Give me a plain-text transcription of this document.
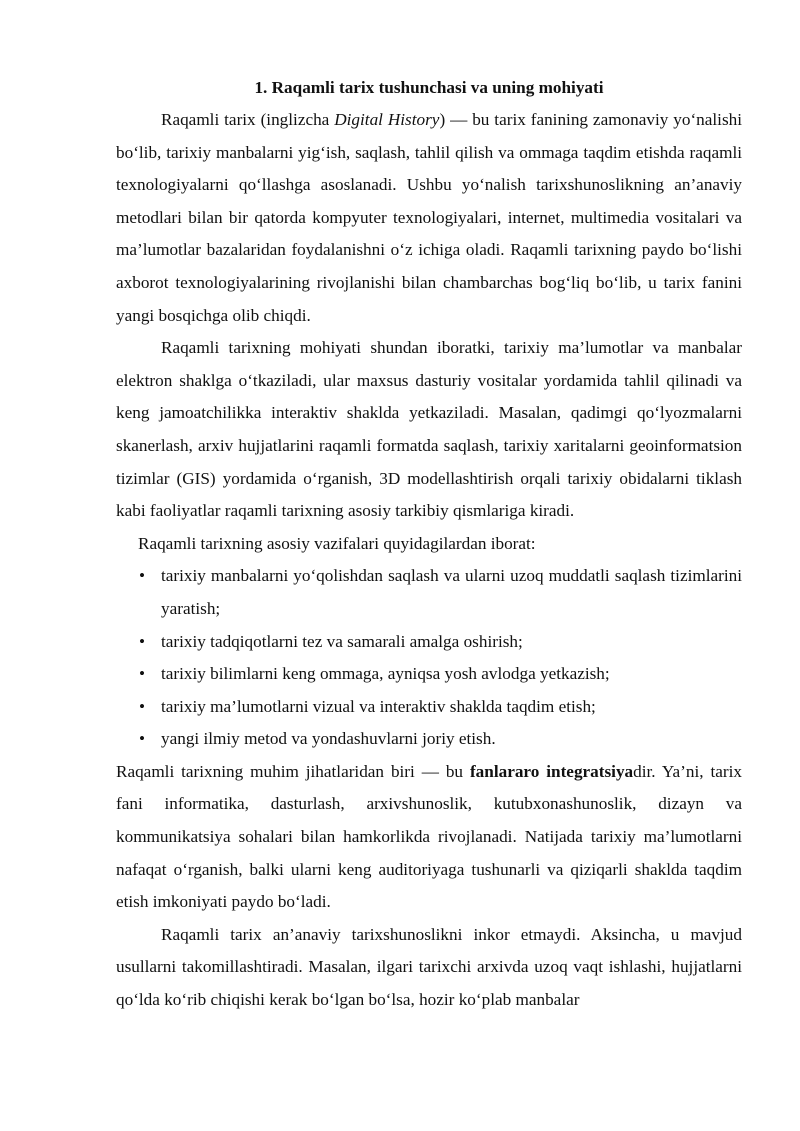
1. Raqamli tarix tushunchasi va uning mohiyati

Raqamli tarix (inglizcha Digital History) — bu tarix fanining zamonaviy yo‘nalishi bo‘lib, tarixiy manbalarni yig‘ish, saqlash, tahlil qilish va ommaga taqdim etishda raqamli texnologiyalarni qo‘llashga asoslanadi. Ushbu yo‘nalish tarixshunoslikning an’anaviy metodlari bilan bir qatorda kompyuter texnologiyalari, internet, multimedia vositalari va ma’lumotlar bazalaridan foydalanishni o‘z ichiga oladi. Raqamli tarixning paydo bo‘lishi axborot texnologiyalarining rivojlanishi bilan chambarchas bog‘liq bo‘lib, u tarix fanini yangi bosqichga olib chiqdi.

Raqamli tarixning mohiyati shundan iboratki, tarixiy ma’lumotlar va manbalar elektron shaklga o‘tkaziladi, ular maxsus dasturiy vositalar yordamida tahlil qilinadi va keng jamoatchilikka interaktiv shaklda yetkaziladi. Masalan, qadimgi qo‘lyozmalarni skanerlash, arxiv hujjatlarini raqamli formatda saqlash, tarixiy xaritalarni geoinformatsion tizimlar (GIS) yordamida o‘rganish, 3D modellashtirish orqali tarixiy obidalarni tiklash kabi faoliyatlar raqamli tarixning asosiy tarkibiy qismlariga kiradi.

Raqamli tarixning asosiy vazifalari quyidagilardan iborat:

• tarixiy manbalarni yo‘qolishdan saqlash va ularni uzoq muddatli saqlash tizimlarini yaratish;
• tarixiy tadqiqotlarni tez va samarali amalga oshirish;
• tarixiy bilimlarni keng ommaga, ayniqsa yosh avlodga yetkazish;
• tarixiy ma’lumotlarni vizual va interaktiv shaklda taqdim etish;
• yangi ilmiy metod va yondashuvlarni joriy etish.

Raqamli tarixning muhim jihatlaridan biri — bu fanlararo integratsiyadir. Ya’ni, tarix fani informatika, dasturlash, arxivshunoslik, kutubxonashunoslik, dizayn va kommunikatsiya sohalari bilan hamkorlikda rivojlanadi. Natijada tarixiy ma’lumotlarni nafaqat o‘rganish, balki ularni keng auditoriyaga tushunarli va qiziqarli shaklda taqdim etish imkoniyati paydo bo‘ladi.

Raqamli tarix an’anaviy tarixshunoslikni inkor etmaydi. Aksincha, u mavjud usullarni takomillashtiradi. Masalan, ilgari tarixchi arxivda uzoq vaqt ishlashi, hujjatlarni qo‘lda ko‘rib chiqishi kerak bo‘lgan bo‘lsa, hozir ko‘plab manbalar
